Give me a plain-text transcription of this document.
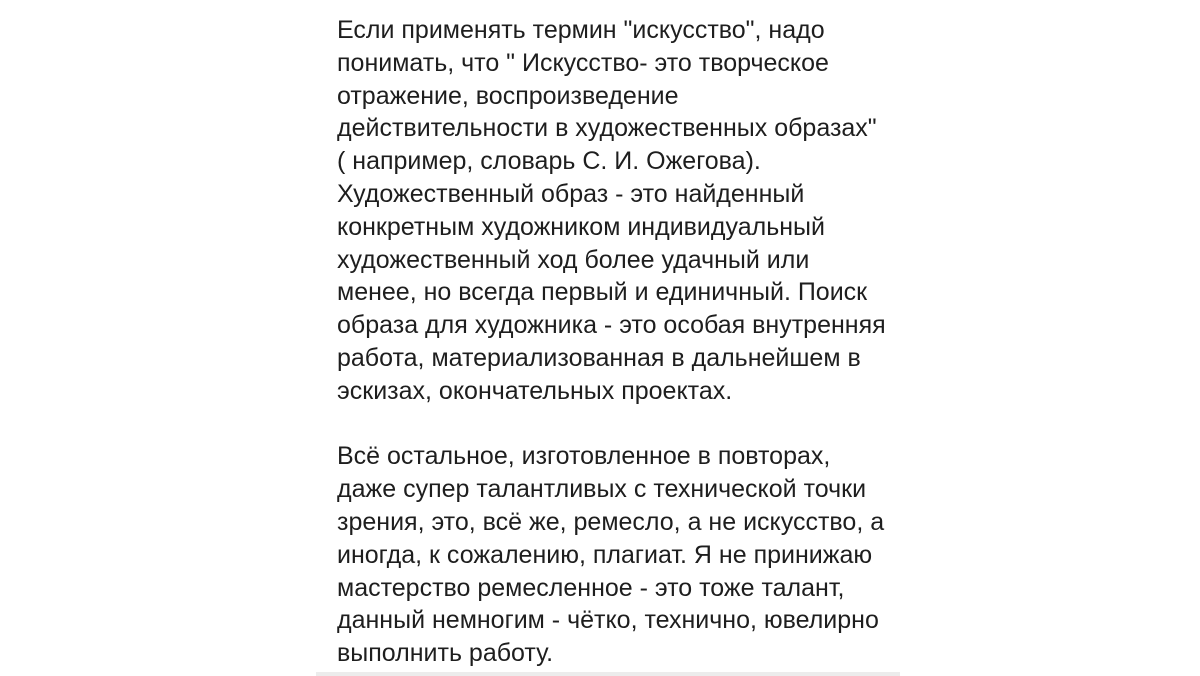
Если применять термин "искусство", надо
понимать, что " Искусство- это творческое
отражение, воспроизведение
действительности в художественных образах"
( например, словарь С. И. Ожегова).
Художественный образ - это найденный
конкретным художником индивидуальный
художественный ход более удачный или
менее, но всегда первый и единичный. Поиск
образа для художника - это особая внутренняя
работа, материализованная в дальнейшем в
эскизах, окончательных проектах.
Всё остальное, изготовленное в повторах,
даже супер талантливых с технической точки
зрения, это, всё же, ремесло, а не искусство, а
иногда, к сожалению, плагиат. Я не принижаю
мастерство ремесленное - это тоже талант,
данный немногим - чётко, технично, ювелирно
выполнить работу.
